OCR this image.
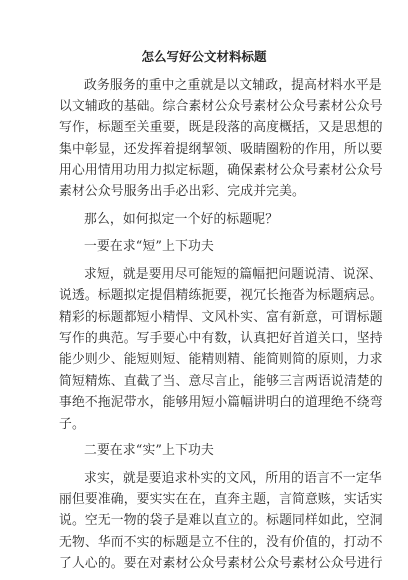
怎么写好公文材料标题
政务服务的重中之重就是以文辅政，提高材料水平是
以文辅政的基础。综合素材公众号素材公众号素材公众号
写作，标题至关重要，既是段落的高度概括，又是思想的
集中彰显，还发挥着提纲挈领、吸睛圈粉的作用，所以要
用心用情用功用力拟定标题，确保素材公众号素材公众号
素材公众号服务出手必出彩、完成并完美。
那么，如何拟定一个好的标题呢？
一要在求“短”上下功夫
求短，就是要用尽可能短的篇幅把问题说清、说深、
说透。标题拟定提倡精练扼要，视冗长拖沓为标题病忌。
精彩的标题都短小精悍、文风朴实、富有新意，可谓标题
写作的典范。写手要心中有数，认真把好首道关口，坚持
能少则少、能短则短、能精则精、能简则简的原则，力求
简短精炼、直截了当、意尽言止，能够三言两语说清楚的
事绝不拖泥带水，能够用短小篇幅讲明白的道理绝不绕弯
子。
二要在求“实”上下功夫
求实，就是要追求朴实的文风，所用的语言不一定华
丽但要准确，要实实在在，直奔主题，言简意赅，实话实
说。空无一物的袋子是难以直立的。标题同样如此，空洞
无物、华而不实的标题是立不住的，没有价值的，打动不
了人心的。要在对素材公众号素材公众号素材公众号进行
